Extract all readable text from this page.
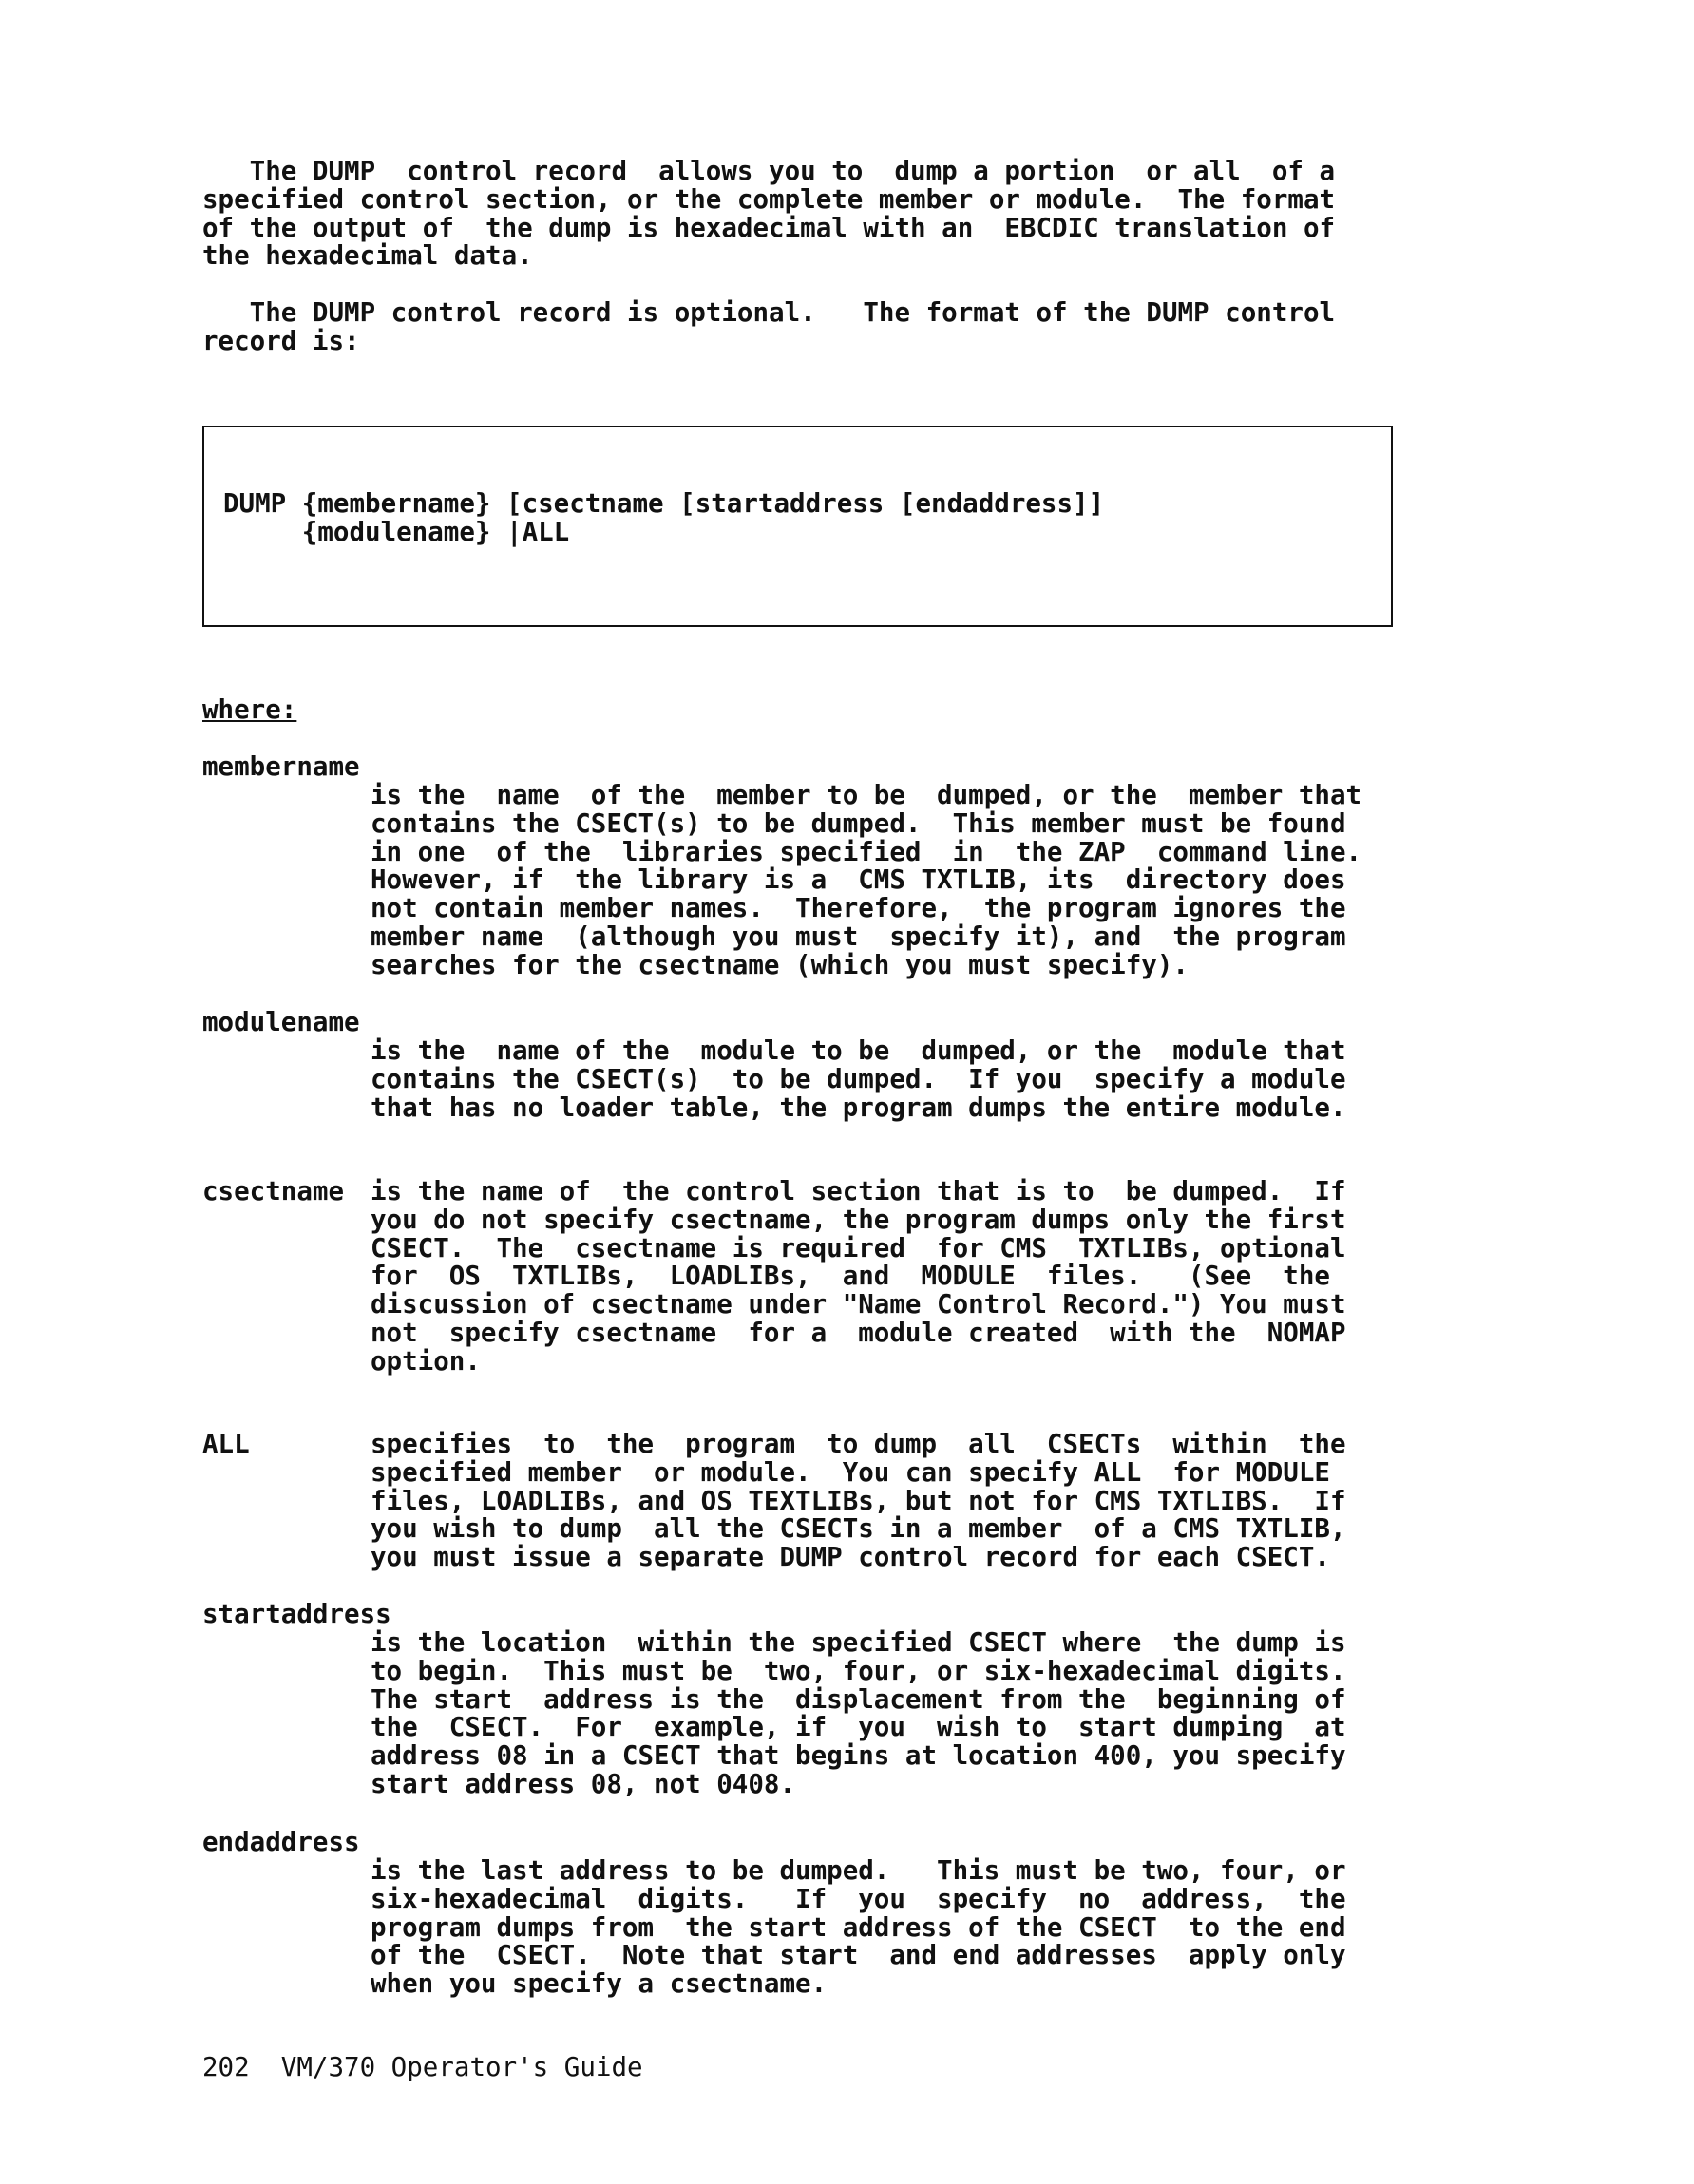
The DUMP  control record  allows you to  dump a portion  or all  of a
specified control section, or the complete member or module.  The format
of the output of  the dump is hexadecimal with an  EBCDIC translation of
the hexadecimal data.

The DUMP control record is optional.   The format of the DUMP control
record is:

DUMP {membername} [csectname [startaddress [endaddress]]
{modulename} |ALL

where:
membername

is the  name  of the  member to be  dumped, or the  member that
contains the CSECT(s) to be dumped.  This member must be found
in one  of the  libraries specified  in  the ZAP  command line.
However, if  the library is a  CMS TXTLIB, its  directory does
not contain member names.  Therefore,  the program ignores the
member name  (although you must  specify it), and  the program
searches for the csectname (which you must specify).

modulename

is the  name of the  module to be  dumped, or the  module that
contains the CSECT(s)  to be dumped.  If you  specify a module
that has no loader table, the program dumps the entire module.

csectname is the name of  the control section that is to  be dumped.  If
you do not specify csectname, the program dumps only the first
CSECT.  The  csectname is required  for CMS  TXTLIBs, optional
for  OS  TXTLIBs,  LOADLIBs,  and  MODULE  files.   (See  the
discussion of csectname under "Name Control Record.") You must
not  specify csectname  for a  module created  with the  NOMAP
option.

ALL	specifies  to  the  program  to dump  all  CSECTs  within  the
specified member  or module.  You can specify ALL  for MODULE
files, LOADLIBs, and OS TEXTLIBs, but not for CMS TXTLIBS.  If
you wish to dump  all the CSECTs in a member  of a CMS TXTLIB,
you must issue a separate DUMP control record for each CSECT.

startaddress

is the location  within the specified CSECT where  the dump is
to begin.  This must be  two, four, or six-hexadecimal digits.
The start  address is the  displacement from the  beginning of
the  CSECT.  For  example, if  you  wish to  start dumping  at
address 08 in a CSECT that begins at location 400, you specify
start address 08, not 0408.

endaddress

is the last address to be dumped.   This must be two, four, or
six-hexadecimal  digits.   If  you  specify  no  address,  the
program dumps from  the start address of the CSECT  to the end
of the  CSECT.  Note that start  and end addresses  apply only
when you specify a csectname.

202  VM/370 Operator's Guide
